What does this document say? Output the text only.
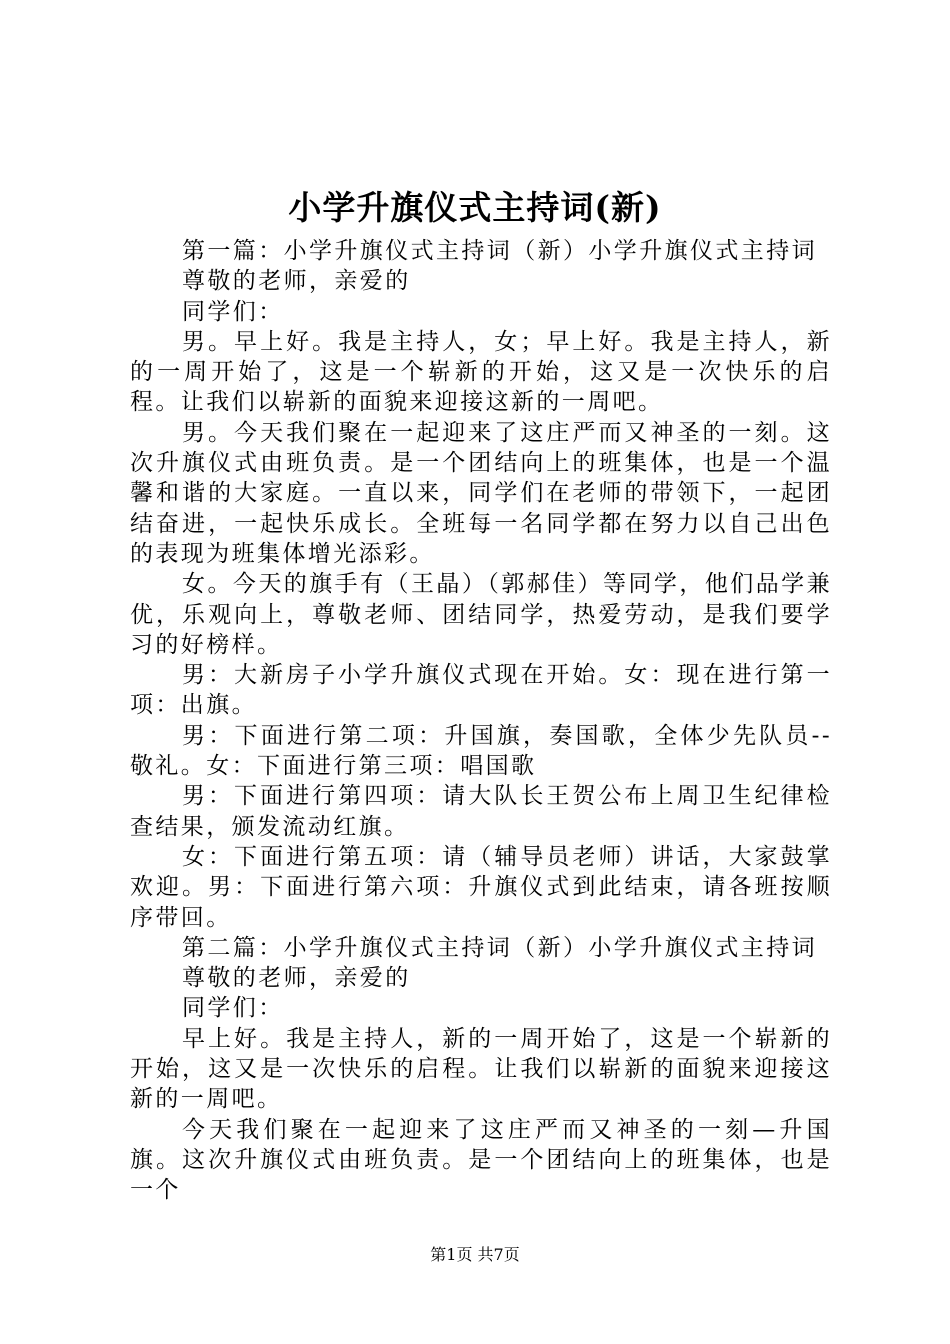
小学升旗仪式主持词(新)

第一篇：小学升旗仪式主持词（新）小学升旗仪式主持词

尊敬的老师，亲爱的

同学们：

男。早上好。我是主持人，女；早上好。我是主持人，新的一周开始了，这是一个崭新的开始，这又是一次快乐的启程。让我们以崭新的面貌来迎接这新的一周吧。

男。今天我们聚在一起迎来了这庄严而又神圣的一刻。这次升旗仪式由班负责。是一个团结向上的班集体，也是一个温馨和谐的大家庭。一直以来，同学们在老师的带领下，一起团结奋进，一起快乐成长。全班每一名同学都在努力以自己出色的表现为班集体增光添彩。

女。今天的旗手有（王晶）（郭郝佳）等同学，他们品学兼优，乐观向上，尊敬老师、团结同学，热爱劳动，是我们要学习的好榜样。

男：大新房子小学升旗仪式现在开始。女：现在进行第一项：出旗。

男：下面进行第二项：升国旗，奏国歌，全体少先队员--敬礼。女：下面进行第三项：唱国歌

男：下面进行第四项：请大队长王贺公布上周卫生纪律检查结果，颁发流动红旗。

女：下面进行第五项：请（辅导员老师）讲话，大家鼓掌欢迎。男：下面进行第六项：升旗仪式到此结束，请各班按顺序带回。

第二篇：小学升旗仪式主持词（新）小学升旗仪式主持词

尊敬的老师，亲爱的

同学们：

早上好。我是主持人，新的一周开始了，这是一个崭新的开始，这又是一次快乐的启程。让我们以崭新的面貌来迎接这新的一周吧。

今天我们聚在一起迎来了这庄严而又神圣的一刻—升国旗。这次升旗仪式由班负责。是一个团结向上的班集体，也是一个

第1页 共7页
